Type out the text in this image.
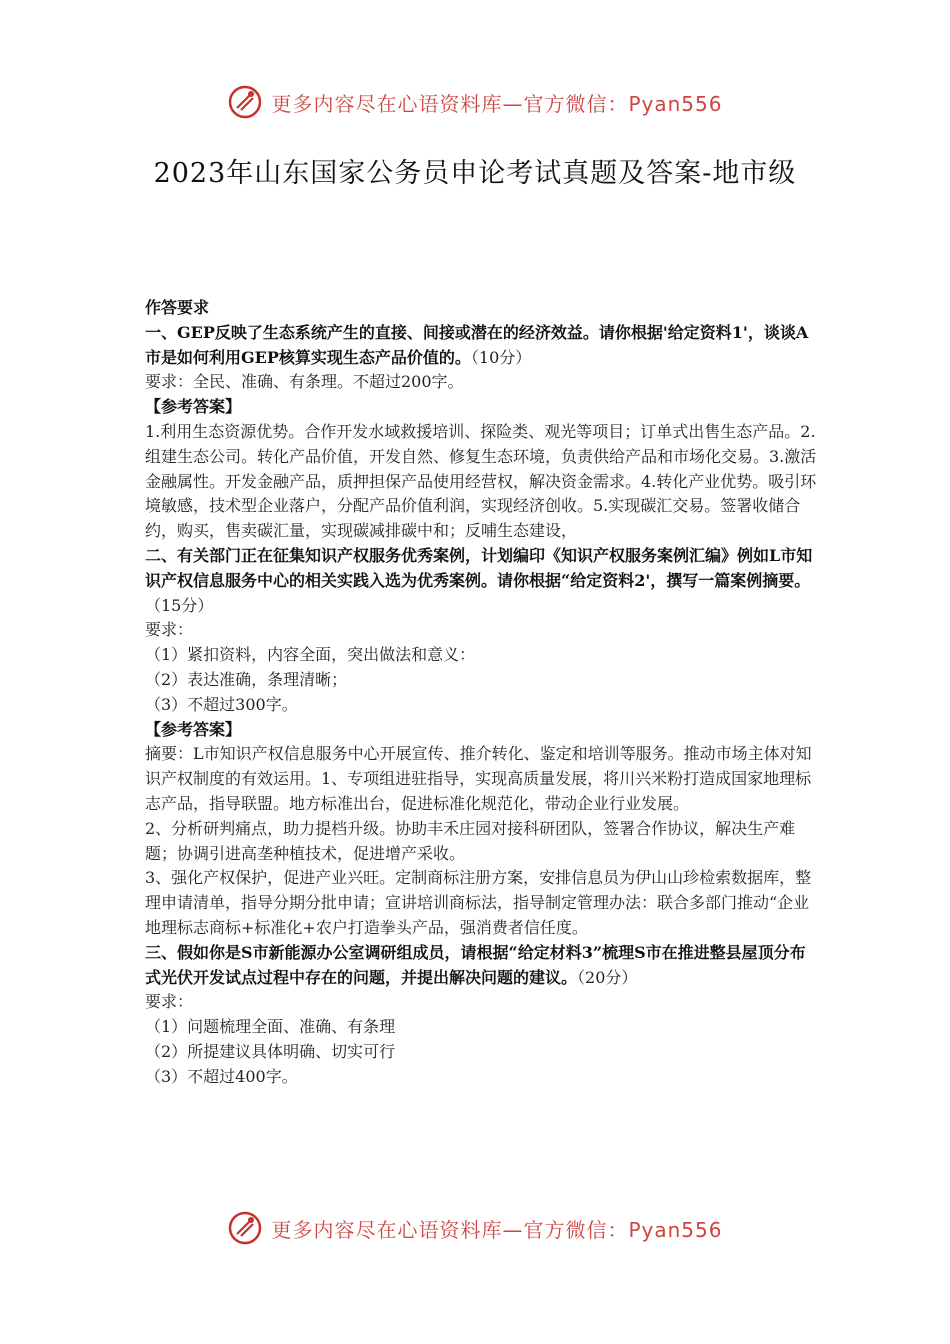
更多内容尽在心语资料库—官方微信：Pyan556
2023年山东国家公务员申论考试真题及答案-地市级

作答要求

一、GEP反映了生态系统产生的直接、间接或潜在的经济效益。请你根据'给定资料1'，谈谈A市是如何利用GEP核算实现生态产品价值的。（10分）

要求：全民、准确、有条理。不超过200字。

【参考答案】

1.利用生态资源优势。合作开发水域救援培训、探险类、观光等项目；订单式出售生态产品。2.组建生态公司。转化产品价值，开发自然、修复生态环境，负责供给产品和市场化交易。3.激活金融属性。开发金融产品，质押担保产品使用经营权，解决资金需求。4.转化产业优势。吸引环境敏感，技术型企业落户，分配产品价值利润，实现经济创收。5.实现碳汇交易。签署收储合约，购买，售卖碳汇量，实现碳减排碳中和；反哺生态建设，

二、有关部门正在征集知识产权服务优秀案例，计划编印《知识产权服务案例汇编》例如L市知识产权信息服务中心的相关实践入选为优秀案例。请你根据“给定资料2'，撰写一篇案例摘要。（15分）

要求：

（1）紧扣资料，内容全面，突出做法和意义：

（2）表达准确，条理清晰；

（3）不超过300字。

【参考答案】

摘要：L市知识产权信息服务中心开展宣传、推介转化、鉴定和培训等服务。推动市场主体对知识产权制度的有效运用。1、专项组进驻指导，实现高质量发展，将川兴米粉打造成国家地理标志产品，指导联盟。地方标准出台，促进标准化规范化，带动企业行业发展。

2、分析研判痛点，助力提档升级。协助丰禾庄园对接科研团队，签署合作协议，解决生产难题；协调引进高垄种植技术，促进增产采收。

3、强化产权保护，促进产业兴旺。定制商标注册方案，安排信息员为伊山山珍检索数据库，整理申请清单，指导分期分批申请；宣讲培训商标法，指导制定管理办法：联合多部门推动“企业地理标志商标+标准化+农户打造拳头产品，强消费者信任度。

三、假如你是S市新能源办公室调研组成员，请根据“给定材料3”梳理S市在推进整县屋顶分布式光伏开发试点过程中存在的问题，并提出解决问题的建议。（20分）

要求：

（1）问题梳理全面、准确、有条理

（2）所提建议具体明确、切实可行

（3）不超过400字。

更多内容尽在心语资料库—官方微信：Pyan556
